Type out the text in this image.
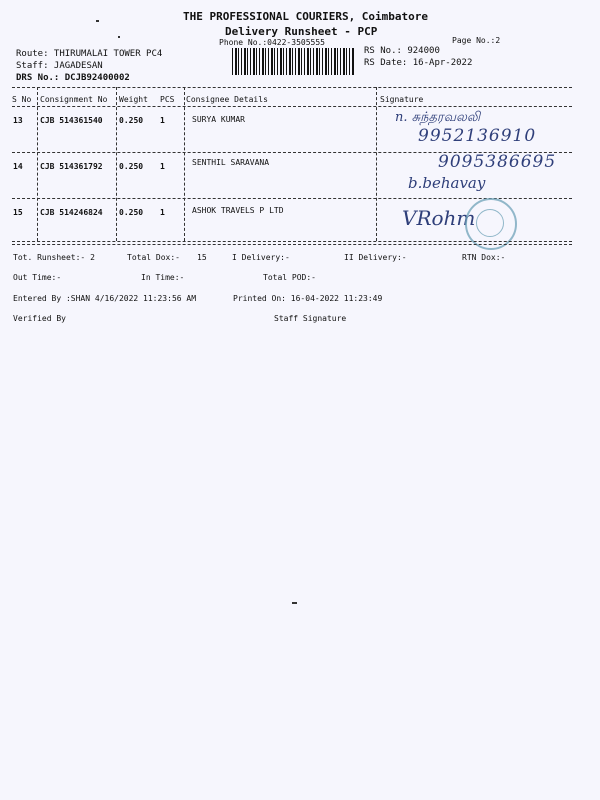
THE PROFESSIONAL COURIERS, Coimbatore
Delivery Runsheet - PCP
Phone No.:0422-3505555	Page No.:2
Route: THIRUMALAI TOWER PC4
Staff: JAGADESAN
DRS No.: DCJB92400002
RS No.: 924000
RS Date: 16-Apr-2022
S No Consignment No Weight PCS Consignee Details	Signature
13 CJB 514361540 0.250 1	SURYA KUMAR	n. சுந்தரவலலி
9952136910
14 CJB 514361792 0.250 1	SENTHIL SARAVANA	9095386695
b.behavay
15 CJB 514246824 0.250 1	ASHOK TRAVELS P LTD	VRohm
Tot. Runsheet:- 2	Total Dox:- 15	I Delivery:-	II Delivery:-	RTN Dox:-
Out Time:-	In Time:-	Total POD:-
Entered By :SHAN 4/16/2022 11:23:56 AM	Printed On: 16-04-2022 11:23:49
Verified By	Staff Signature
